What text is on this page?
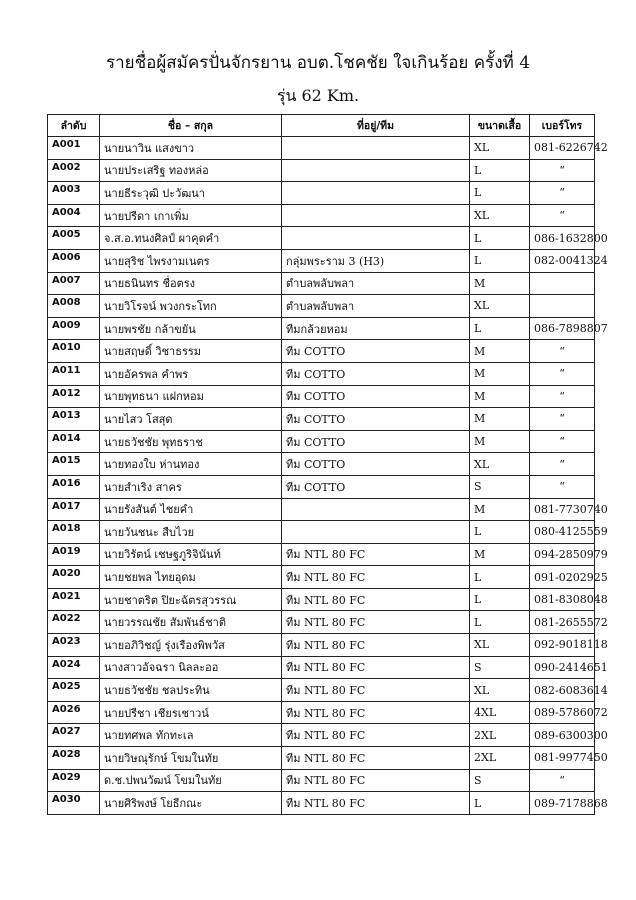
รายชื่อผู้สมัครปั่นจักรยาน อบต.โชคชัย ใจเกินร้อย ครั้งที่ 4
รุ่น 62 Km.
ลำดับ	ชื่อ – สกุล	ที่อยู่/ทีม	ขนาดเสื้อ	เบอร์โทร
A001	นายนาวิน แสงขาว		XL	081-6226742
A002	นายประเสริฐ ทองหล่อ		L	“
A003	นายธีระวุฒิ ปะวัฒนา		L	“
A004	นายปรีดา เกาเพิ่ม		XL	“
A005	จ.ส.อ.ทนงศิลป์ ผาคุดคำ		L	086-1632800
A006	นายสุริช ไพรงามเนตร	กลุ่มพระราม 3 (H3)	L	082-0041324
A007	นายธนินทร ชื่อตรง	ตำบลพลับพลา	M	
A008	นายวิโรจน์ พวงกระโทก	ตำบลพลับพลา	XL	
A009	นายพรชัย กล้าขยัน	ทีมกล้วยหอม	L	086-7898807
A010	นายสฤษดิ์ วิชาธรรม	ทีม COTTO	M	“
A011	นายอัครพล คำพร	ทีม COTTO	M	“
A012	นายพุทธนา แฝกหอม	ทีม COTTO	M	“
A013	นายไสว โสสุด	ทีม COTTO	M	“
A014	นายธวัชชัย พุทธราช	ทีม COTTO	M	“
A015	นายทองใบ ห่านทอง	ทีม COTTO	XL	“
A016	นายสำเริง สาคร	ทีม COTTO	S	“
A017	นายรังสันต์ ไชยคำ		M	081-7730740
A018	นายวันชนะ สืบไวย		L	080-4125559
A019	นายวิรัตน์ เชษฐภูริจินันท์	ทีม NTL 80 FC	M	094-2850979
A020	นายชยพล ไทยอุดม	ทีม NTL 80 FC	L	091-0202925
A021	นายชาตริต ปิยะฉัตรสุวรรณ	ทีม NTL 80 FC	L	081-8308048
A022	นายวรรณชัย สัมพันธ์ชาติ	ทีม NTL 80 FC	L	081-2655572
A023	นายอภิวิชญ์ รุ่งเรืองพิพวัส	ทีม NTL 80 FC	XL	092-9018118
A024	นางสาวอัจฉรา นิลละออ	ทีม NTL 80 FC	S	090-2414651
A025	นายธวัชชัย ชลประทิน	ทีม NTL 80 FC	XL	082-6083614
A026	นายปรีชา เชียรเชาวน์	ทีม NTL 80 FC	4XL	089-5786072
A027	นายทศพล ทักทะเล	ทีม NTL 80 FC	2XL	089-6300300
A028	นายวิษณุรักษ์ โขมในทัย	ทีม NTL 80 FC	2XL	081-9977450
A029	ด.ช.ปพนวัฒน์ โขมในทัย	ทีม NTL 80 FC	S	“
A030	นายศิริพงษ์ โยธีกณะ	ทีม NTL 80 FC	L	089-7178868
